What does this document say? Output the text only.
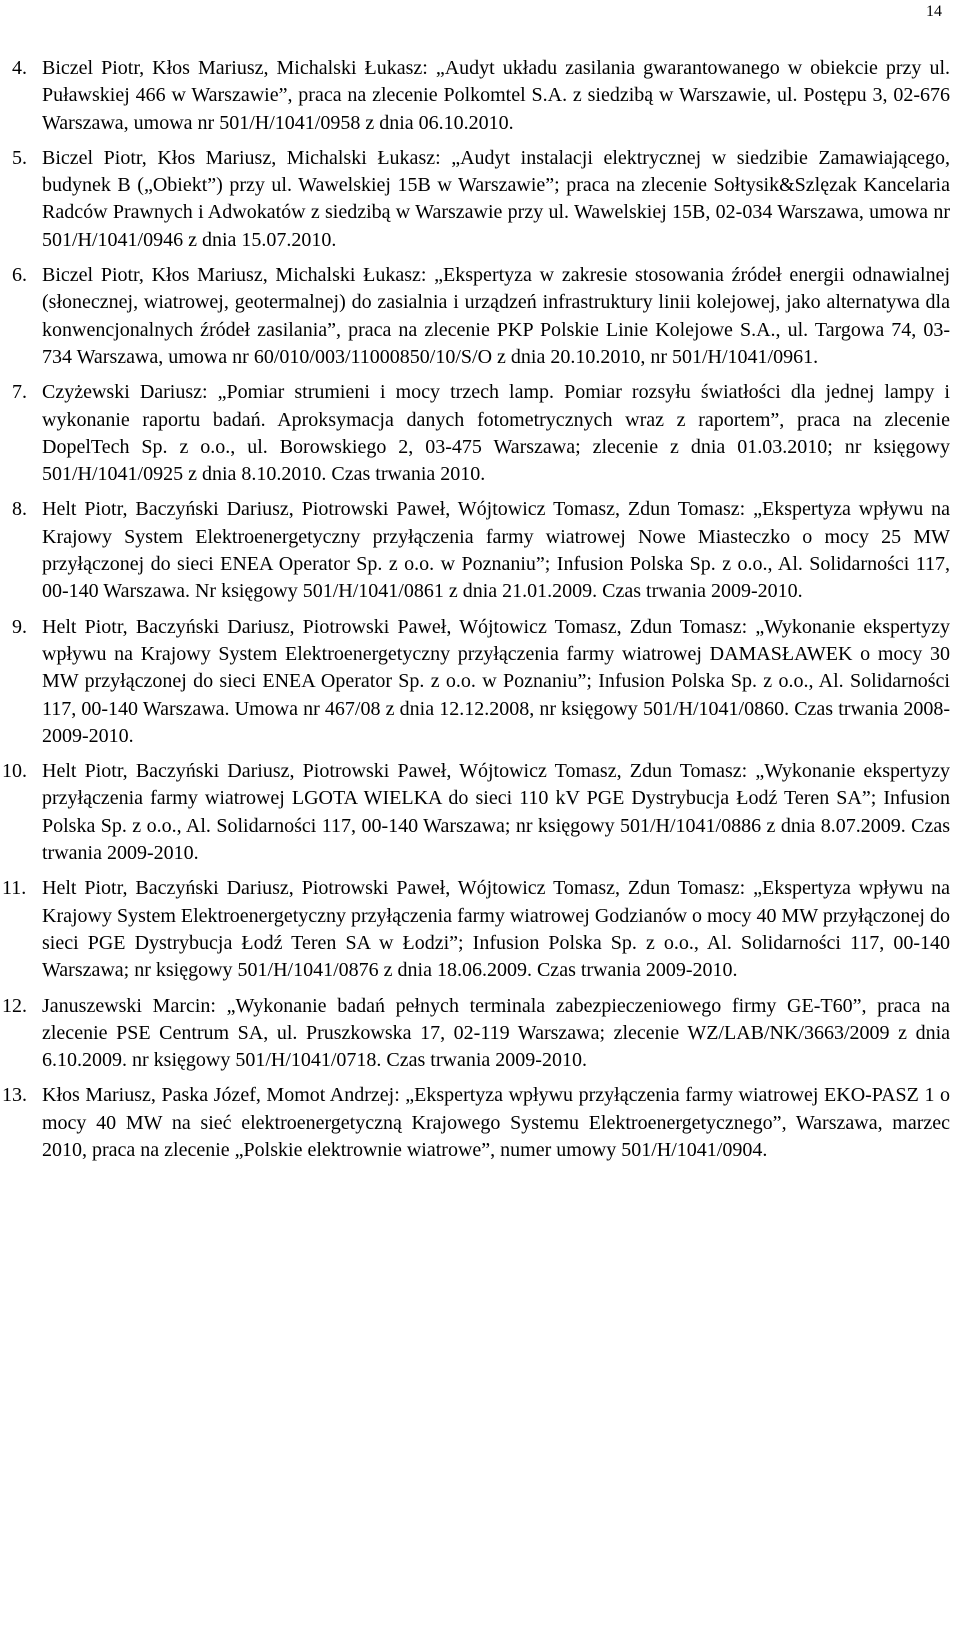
14
4. Biczel Piotr, Kłos Mariusz, Michalski Łukasz: „Audyt układu zasilania gwarantowanego w obiekcie przy ul. Puławskiej 466 w Warszawie”, praca na zlecenie Polkomtel S.A. z siedzibą w Warszawie, ul. Postępu 3, 02-676 Warszawa, umowa nr 501/H/1041/0958 z dnia 06.10.2010.
5. Biczel Piotr, Kłos Mariusz, Michalski Łukasz: „Audyt instalacji elektrycznej w siedzibie Zamawiającego, budynek B („Obiekt”) przy ul. Wawelskiej 15B w Warszawie”; praca na zlecenie Sołtysik&Szlęzak Kancelaria Radców Prawnych i Adwokatów z siedzibą w Warszawie przy ul. Wawelskiej 15B, 02-034 Warszawa, umowa nr 501/H/1041/0946 z dnia 15.07.2010.
6. Biczel Piotr, Kłos Mariusz, Michalski Łukasz: „Ekspertyza w zakresie stosowania źródeł energii odnawialnej (słonecznej, wiatrowej, geotermalnej) do zasialnia i urządzeń infrastruktury linii kolejowej, jako alternatywa dla konwencjonalnych źródeł zasilania”, praca na zlecenie PKP Polskie Linie Kolejowe S.A., ul. Targowa 74, 03-734 Warszawa, umowa nr 60/010/003/11000850/10/S/O z dnia 20.10.2010, nr 501/H/1041/0961.
7. Czyżewski Dariusz: „Pomiar strumieni i mocy trzech lamp. Pomiar rozsyłu światłości dla jednej lampy i wykonanie raportu badań. Aproksymacja danych fotometrycznych wraz z raportem”, praca na zlecenie DopelTech Sp. z o.o., ul. Borowskiego 2, 03-475 Warszawa; zlecenie z dnia 01.03.2010; nr księgowy 501/H/1041/0925 z dnia 8.10.2010. Czas trwania 2010.
8. Helt Piotr, Baczyński Dariusz, Piotrowski Paweł, Wójtowicz Tomasz, Zdun Tomasz: „Ekspertyza wpływu na Krajowy System Elektroenergetyczny przyłączenia farmy wiatrowej Nowe Miasteczko o mocy 25 MW przyłączonej do sieci ENEA Operator Sp. z o.o. w Poznaniu”; Infusion Polska Sp. z o.o., Al. Solidarności 117, 00-140 Warszawa. Nr księgowy 501/H/1041/0861 z dnia 21.01.2009. Czas trwania 2009-2010.
9. Helt Piotr, Baczyński Dariusz, Piotrowski Paweł, Wójtowicz Tomasz, Zdun Tomasz: „Wykonanie ekspertyzy wpływu na Krajowy System Elektroenergetyczny przyłączenia farmy wiatrowej DAMASŁAWEK o mocy 30 MW przyłączonej do sieci ENEA Operator Sp. z o.o. w Poznaniu”; Infusion Polska Sp. z o.o., Al. Solidarności 117, 00-140 Warszawa. Umowa nr 467/08 z dnia 12.12.2008, nr księgowy 501/H/1041/0860. Czas trwania 2008-2009-2010.
10. Helt Piotr, Baczyński Dariusz, Piotrowski Paweł, Wójtowicz Tomasz, Zdun Tomasz: „Wykonanie ekspertyzy przyłączenia farmy wiatrowej LGOTA WIELKA do sieci 110 kV PGE Dystrybucja Łodź Teren SA”; Infusion Polska Sp. z o.o., Al. Solidarności 117, 00-140 Warszawa; nr księgowy 501/H/1041/0886 z dnia 8.07.2009. Czas trwania 2009-2010.
11. Helt Piotr, Baczyński Dariusz, Piotrowski Paweł, Wójtowicz Tomasz, Zdun Tomasz: „Ekspertyza wpływu na Krajowy System Elektroenergetyczny przyłączenia farmy wiatrowej Godzianów o mocy 40 MW przyłączonej do sieci PGE Dystrybucja Łodź Teren SA w Łodzi”; Infusion Polska Sp. z o.o., Al. Solidarności 117, 00-140 Warszawa; nr księgowy 501/H/1041/0876 z dnia 18.06.2009. Czas trwania 2009-2010.
12. Januszewski Marcin: „Wykonanie badań pełnych terminala zabezpieczeniowego firmy GE-T60”, praca na zlecenie PSE Centrum SA, ul. Pruszkowska 17, 02-119 Warszawa; zlecenie WZ/LAB/NK/3663/2009 z dnia 6.10.2009. nr księgowy 501/H/1041/0718. Czas trwania 2009-2010.
13. Kłos Mariusz, Paska Józef, Momot Andrzej: „Ekspertyza wpływu przyłączenia farmy wiatrowej EKO-PASZ 1 o mocy 40 MW na sieć elektroenergetyczną Krajowego Systemu Elektroenergetycznego”, Warszawa, marzec 2010, praca na zlecenie „Polskie elektrownie wiatrowe”, numer umowy 501/H/1041/0904.
